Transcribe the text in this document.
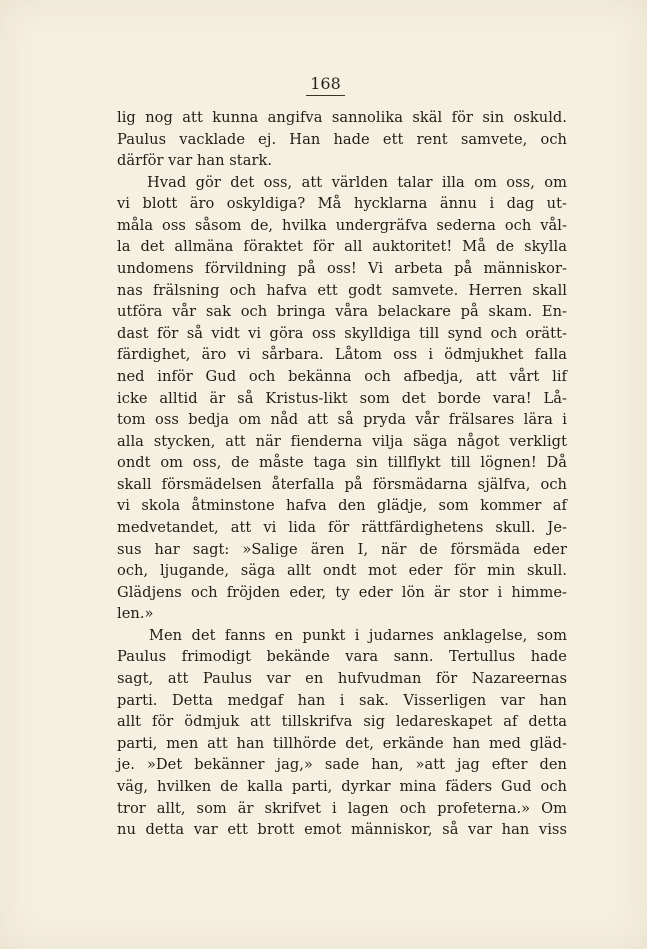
168
lig nog att kunna angifva sannolika skäl för sin oskuld.
Paulus vacklade ej. Han hade ett rent samvete, och
därför var han stark.
Hvad gör det oss, att världen talar illa om oss, om
vi blott äro oskyldiga? Må hycklarna ännu i dag ut-
måla oss såsom de, hvilka undergräfva sederna och vål-
la det allmäna föraktet för all auktoritet! Må de skylla
undomens förvildning på oss! Vi arbeta på människor-
nas frälsning och hafva ett godt samvete. Herren skall
utföra vår sak och bringa våra belackare på skam. En-
dast för så vidt vi göra oss skylldiga till synd och orätt-
färdighet, äro vi sårbara. Låtom oss i ödmjukhet falla
ned inför Gud och bekänna och afbedja, att vårt lif
icke alltid är så Kristus-likt som det borde vara! Lå-
tom oss bedja om nåd att så pryda vår frälsares lära i
alla stycken, att när fienderna vilja säga något verkligt
ondt om oss, de måste taga sin tillflykt till lögnen! Då
skall försmädelsen återfalla på försmädarna själfva, och
vi skola åtminstone hafva den glädje, som kommer af
medvetandet, att vi lida för rättfärdighetens skull. Je-
sus har sagt: »Salige ären I, när de försmäda eder
och, ljugande, säga allt ondt mot eder för min skull.
Glädjens och fröjden eder, ty eder lön är stor i himme-
len.»
Men det fanns en punkt i judarnes anklagelse, som
Paulus frimodigt bekände vara sann. Tertullus hade
sagt, att Paulus var en hufvudman för Nazareernas
parti. Detta medgaf han i sak. Visserligen var han
allt för ödmjuk att tillskrifva sig ledareskapet af detta
parti, men att han tillhörde det, erkände han med gläd-
je. »Det bekänner jag,» sade han, »att jag efter den
väg, hvilken de kalla parti, dyrkar mina fäders Gud och
tror allt, som är skrifvet i lagen och profeterna.» Om
nu detta var ett brott emot människor, så var han viss
